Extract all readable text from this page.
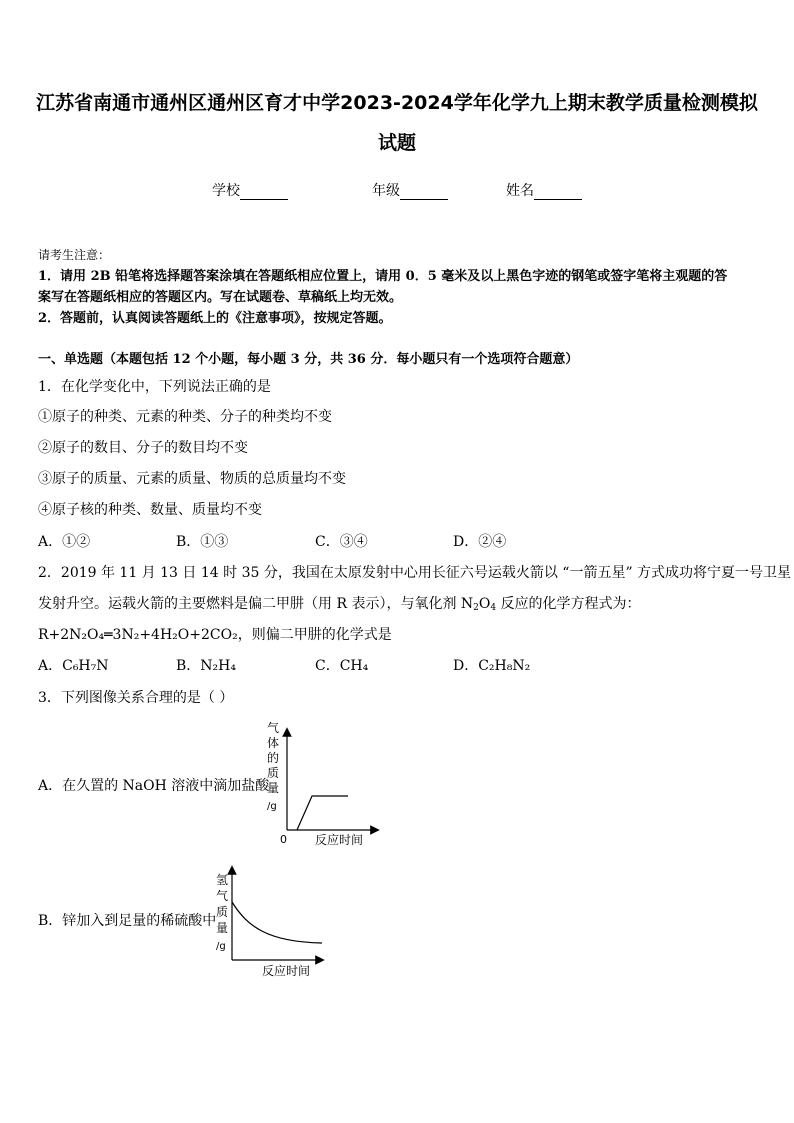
江苏省南通市通州区通州区育才中学2023-2024学年化学九上期末教学质量检测模拟
试题
学校	年级	姓名
请考生注意：
1．请用 2B 铅笔将选择题答案涂填在答题纸相应位置上，请用 0．5 毫米及以上黑色字迹的钢笔或签字笔将主观题的答
案写在答题纸相应的答题区内。写在试题卷、草稿纸上均无效。
2．答题前，认真阅读答题纸上的《注意事项》，按规定答题。
一、单选题（本题包括 12 个小题，每小题 3 分，共 36 分．每小题只有一个选项符合题意）
1．在化学变化中，下列说法正确的是
①原子的种类、元素的种类、分子的种类均不变
②原子的数目、分子的数目均不变
③原子的质量、元素的质量、物质的总质量均不变
④原子核的种类、数量、质量均不变
A．①②	B．①③	C．③④	D．②④
2．2019 年 11 月 13 日 14 时 35 分，我国在太原发射中心用长征六号运载火箭以 “一箭五星” 方式成功将宁夏一号卫星
发射升空。运载火箭的主要燃料是偏二甲肼（用 R 表示），与氧化剂 $N_2O_4$ 反应的化学方程式为：
R+2N₂O₄═3N₂+4H₂O+2CO₂，则偏二甲肼的化学式是
A．C₆H₇N	B．N₂H₄	C．CH₄	D．C₂H₈N₂
3．下列图像关系合理的是（ ）
A．在久置的 NaOH 溶液中滴加盐酸
气
体
的
质
量
/g
0 反应时间
B．锌加入到足量的稀硫酸中
氢
气
质
量
/g
反应时间
